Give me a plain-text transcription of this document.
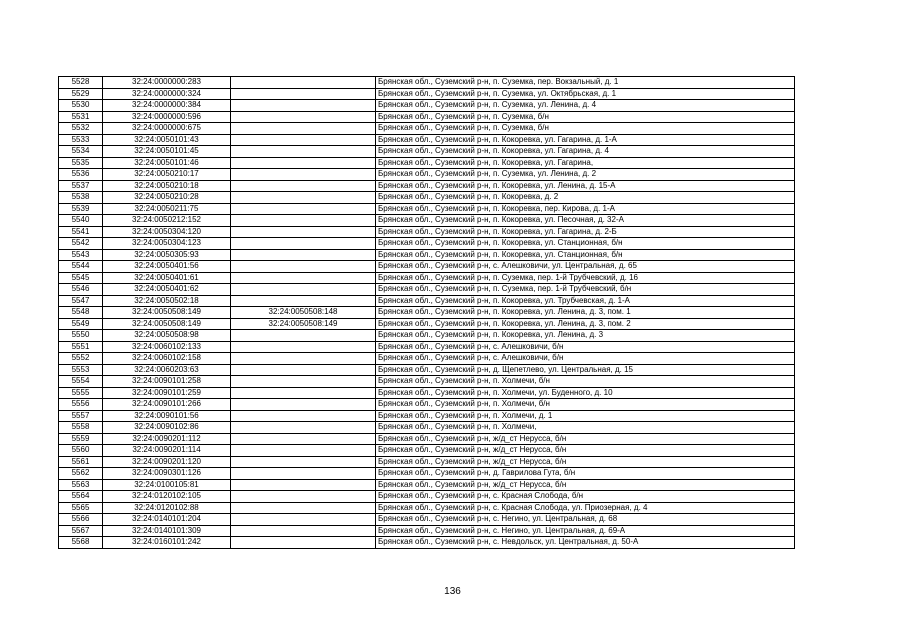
5528	32:24:0000000:283		Брянская обл., Суземский р-н, п. Суземка, пер. Вокзальный, д. 1
5529	32:24:0000000:324		Брянская обл., Суземский р-н, п. Суземка, ул. Октябрьская, д. 1
5530	32:24:0000000:384		Брянская обл., Суземский р-н, п. Суземка, ул. Ленина, д. 4
5531	32:24:0000000:596		Брянская обл., Суземский р-н, п. Суземка, б/н
5532	32:24:0000000:675		Брянская обл., Суземский р-н, п. Суземка, б/н
5533	32:24:0050101:43		Брянская обл., Суземский р-н, п. Кокоревка, ул. Гагарина, д. 1-А
5534	32:24:0050101:45		Брянская обл., Суземский р-н, п. Кокоревка, ул. Гагарина, д. 4
5535	32:24:0050101:46		Брянская обл., Суземский р-н, п. Кокоревка, ул. Гагарина,
5536	32:24:0050210:17		Брянская обл., Суземский р-н, п. Суземка, ул. Ленина, д. 2
5537	32:24:0050210:18		Брянская обл., Суземский р-н, п. Кокоревка, ул. Ленина, д. 15-А
5538	32:24:0050210:28		Брянская обл., Суземский р-н, п. Кокоревка, д. 2
5539	32:24:0050211:75		Брянская обл., Суземский р-н, п. Кокоревка, пер. Кирова, д. 1-А
5540	32:24:0050212:152		Брянская обл., Суземский р-н, п. Кокоревка, ул. Песочная, д. 32-А
5541	32:24:0050304:120		Брянская обл., Суземский р-н, п. Кокоревка, ул. Гагарина, д. 2-Б
5542	32:24:0050304:123		Брянская обл., Суземский р-н, п. Кокоревка, ул. Станционная, б/н
5543	32:24:0050305:93		Брянская обл., Суземский р-н, п. Кокоревка, ул. Станционная, б/н
5544	32:24:0050401:56		Брянская обл., Суземский р-н, с. Алешковичи, ул. Центральная, д. 65
5545	32:24:0050401:61		Брянская обл., Суземский р-н, п. Суземка, пер. 1-й Трубчевский, д. 16
5546	32:24:0050401:62		Брянская обл., Суземский р-н, п. Суземка, пер. 1-й Трубчевский, б/н
5547	32:24:0050502:18		Брянская обл., Суземский р-н, п. Кокоревка, ул. Трубчевская, д. 1-А
5548	32:24:0050508:149	32:24:0050508:148	Брянская обл., Суземский р-н, п. Кокоревка, ул. Ленина, д. 3, пом. 1
5549	32:24:0050508:149	32:24:0050508:149	Брянская обл., Суземский р-н, п. Кокоревка, ул. Ленина, д. 3, пом. 2
5550	32:24:0050508:98		Брянская обл., Суземский р-н, п. Кокоревка, ул. Ленина, д. 3
5551	32:24:0060102:133		Брянская обл., Суземский р-н, с. Алешковичи, б/н
5552	32:24:0060102:158		Брянская обл., Суземский р-н, с. Алешковичи, б/н
5553	32:24:0060203:63		Брянская обл., Суземский р-н, д. Щепетлево, ул. Центральная, д. 15
5554	32:24:0090101:258		Брянская обл., Суземский р-н, п. Холмечи, б/н
5555	32:24:0090101:259		Брянская обл., Суземский р-н, п. Холмечи, ул. Буденного, д. 10
5556	32:24:0090101:266		Брянская обл., Суземский р-н, п. Холмечи, б/н
5557	32:24:0090101:56		Брянская обл., Суземский р-н, п. Холмечи, д. 1
5558	32:24:0090102:86		Брянская обл., Суземский р-н, п. Холмечи,
5559	32:24:0090201:112		Брянская обл., Суземский р-н, ж/д_ст Неруcса, б/н
5560	32:24:0090201:114		Брянская обл., Суземский р-н, ж/д_ст Неруcса, б/н
5561	32:24:0090201:120		Брянская обл., Суземский р-н, ж/д_ст Неруcса, б/н
5562	32:24:0090301:126		Брянская обл., Суземский р-н, д. Гаврилова Гута, б/н
5563	32:24:0100105:81		Брянская обл., Суземский р-н, ж/д_ст Неруcса, б/н
5564	32:24:0120102:105		Брянская обл., Суземский р-н, с. Красная Слобода, б/н
5565	32:24:0120102:88		Брянская обл., Суземский р-н, с. Красная Слобода, ул. Приозерная, д. 4
5566	32:24:0140101:204		Брянская обл., Суземский р-н, с. Негино, ул. Центральная, д. 68
5567	32:24:0140101:309		Брянская обл., Суземский р-н, с. Негино, ул. Центральная, д. 69-А
5568	32:24:0160101:242		Брянская обл., Суземский р-н, с. Невдольск, ул. Центральная, д. 50-А
136
